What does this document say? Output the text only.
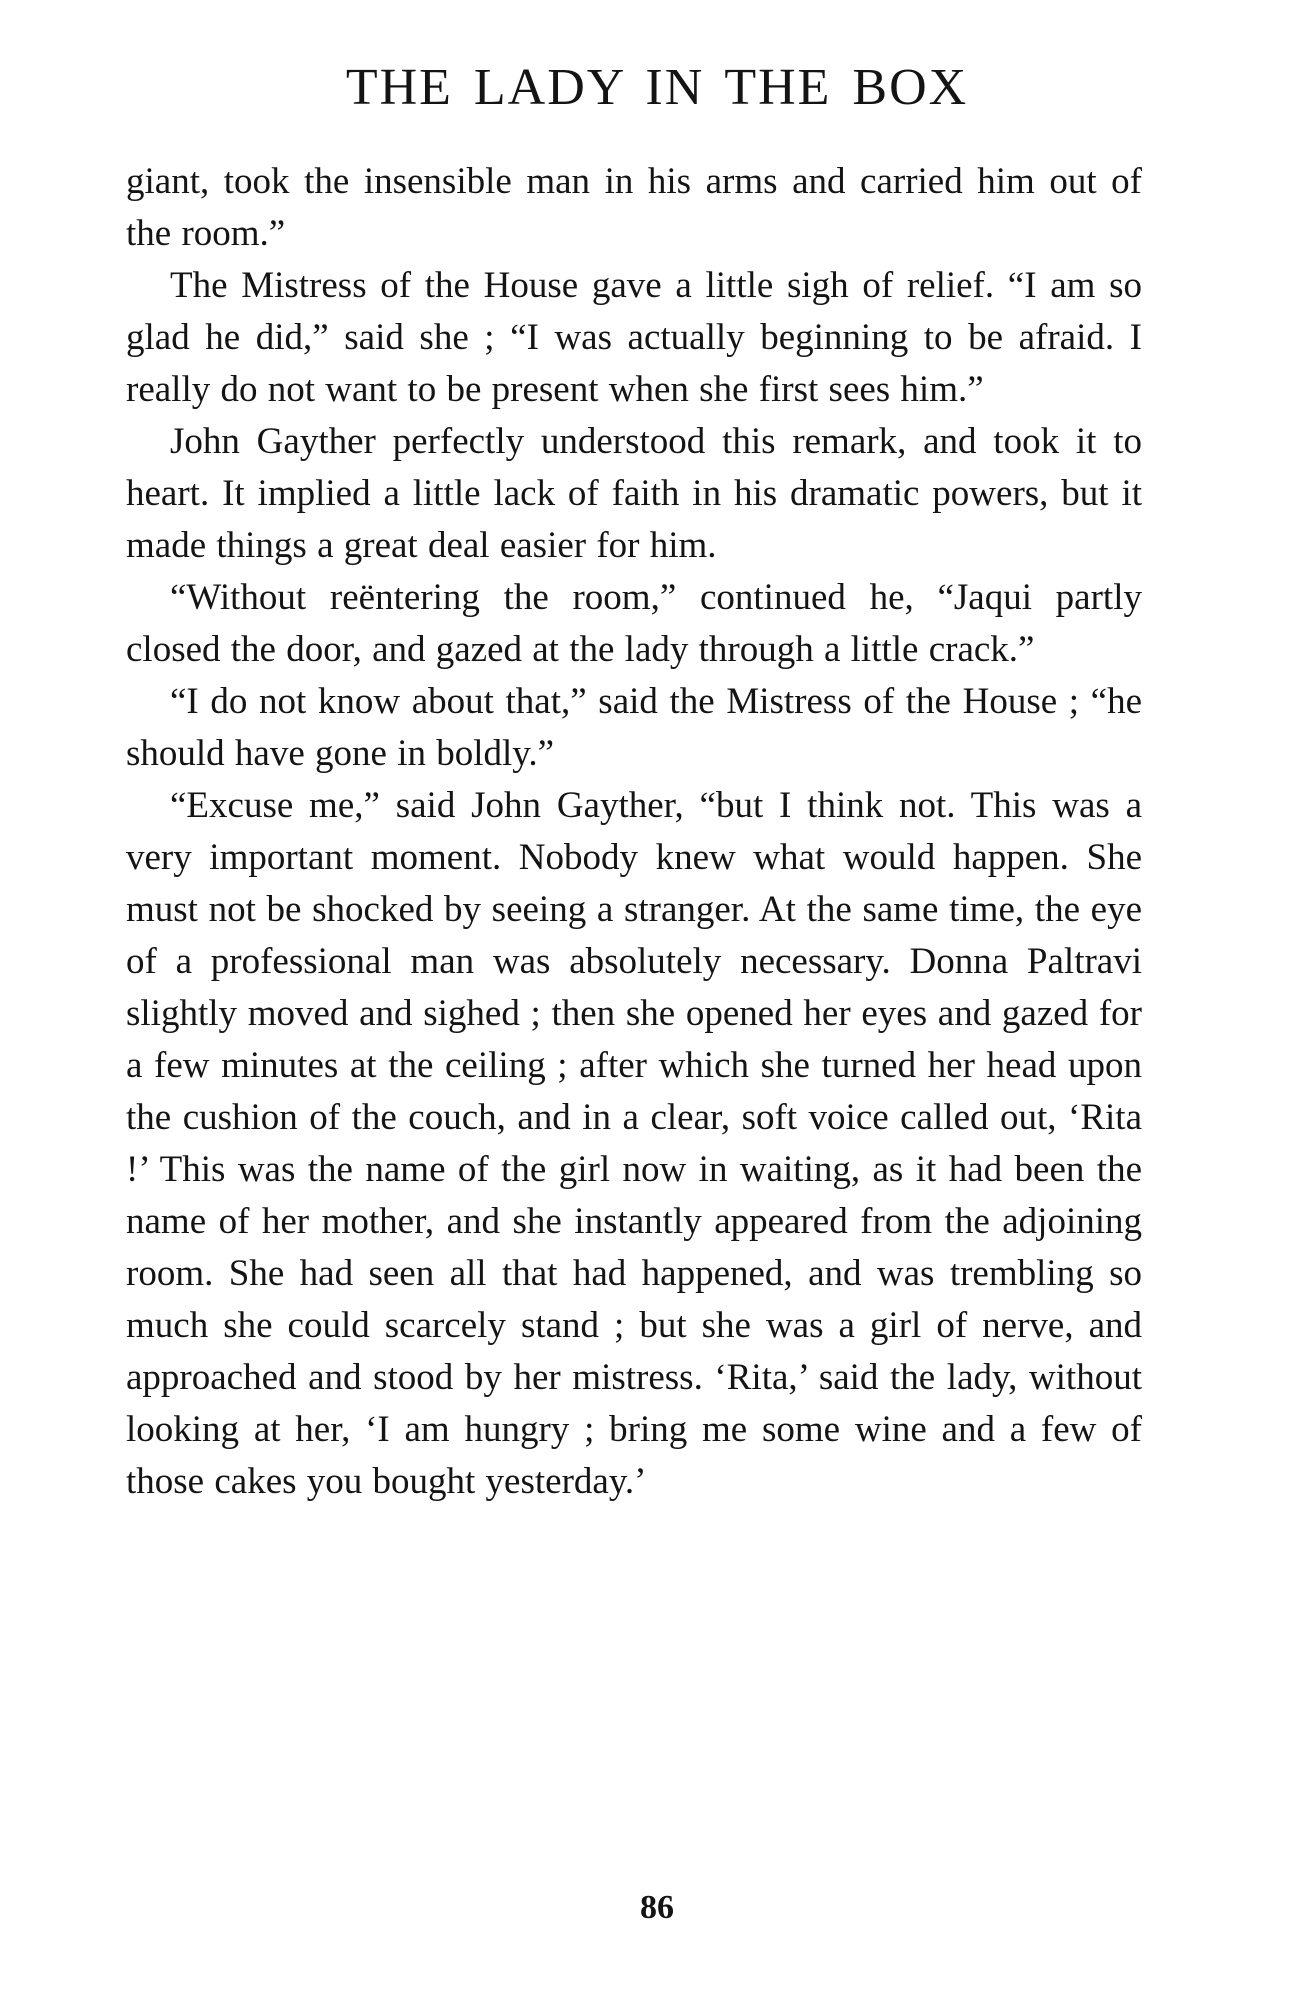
THE LADY IN THE BOX

giant, took the insensible man in his arms and carried him out of the room.”

The Mistress of the House gave a little sigh of relief. “I am so glad he did,” said she ; “I was actually beginning to be afraid. I really do not want to be present when she first sees him.”

John Gayther perfectly understood this remark, and took it to heart. It implied a little lack of faith in his dramatic powers, but it made things a great deal easier for him.

“Without reëntering the room,” continued he, “Jaqui partly closed the door, and gazed at the lady through a little crack.”

“I do not know about that,” said the Mistress of the House ; “he should have gone in boldly.”

“Excuse me,” said John Gayther, “but I think not. This was a very important moment. Nobody knew what would happen. She must not be shocked by seeing a stranger. At the same time, the eye of a professional man was absolutely necessary. Donna Paltravi slightly moved and sighed ; then she opened her eyes and gazed for a few minutes at the ceiling ; after which she turned her head upon the cushion of the couch, and in a clear, soft voice called out, ‘Rita !’ This was the name of the girl now in waiting, as it had been the name of her mother, and she instantly appeared from the adjoining room. She had seen all that had happened, and was trembling so much she could scarcely stand ; but she was a girl of nerve, and approached and stood by her mistress. ‘Rita,’ said the lady, without looking at her, ‘I am hungry ; bring me some wine and a few of those cakes you bought yesterday.’

86
